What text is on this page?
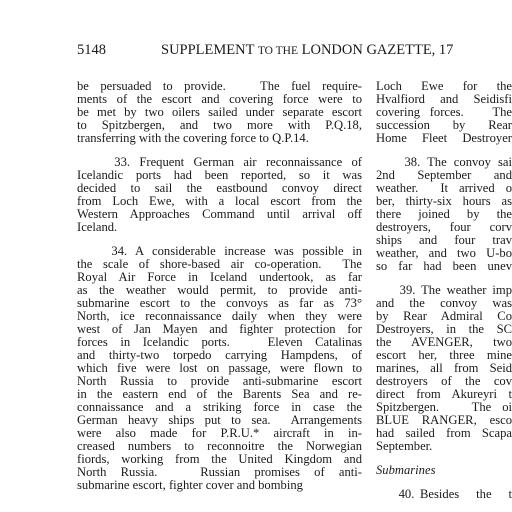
5148	SUPPLEMENT TO THE LONDON GAZETTE, 17
be persuaded to provide.   The fuel require-
ments of the escort and covering force were to
be met by two oilers sailed under separate escort
to Spitzbergen, and two more with P.Q.18,
transferring with the covering force to Q.P.14.
33. Frequent German air reconnaissance of
Icelandic ports had been reported, so it was
decided to sail the eastbound convoy direct
from Loch Ewe, with a local escort from the
Western Approaches Command until arrival off
Iceland.
34. A considerable increase was possible in
the scale of shore-based air co-operation.  The
Royal Air Force in Iceland undertook, as far
as the weather would permit, to provide anti-
submarine escort to the convoys as far as 73°
North, ice reconnaissance daily when they were
west of Jan Mayen and fighter protection for
forces in Icelandic ports.   Eleven Catalinas
and thirty-two torpedo carrying Hampdens, of
which five were lost on passage, were flown to
North Russia to provide anti-submarine escort
in the eastern end of the Barents Sea and re-
connaissance and a striking force in case the
German heavy ships put to sea.  Arrangements
were also made for P.R.U.* aircraft in in-
creased numbers to reconnoitre the Norwegian
fiords, working from the United Kingdom and
North Russia.   Russian promises of anti-
submarine escort, fighter cover and bombing
Loch Ewe for the
Hvalfiord and Seidisfi
covering forces.   The
succession by Rear
Home Fleet Destroyer
38. The convoy sai
2nd September and
weather.  It arrived o
ber, thirty-six hours as
there joined by the
destroyers, four corv
ships and four trav
weather, and two U-bo
so far had been unev
39. The weather imp
and the convoy was
by Rear Admiral Co
Destroyers, in the SC
the AVENGER, two
escort her, three mine
marines, all from Seid
destroyers of the cov
direct from Akureyri t
Spitzbergen.   The oi
BLUE RANGER, esco
had sailed from Scapa
September.
Submarines
40. Besides   the   t
